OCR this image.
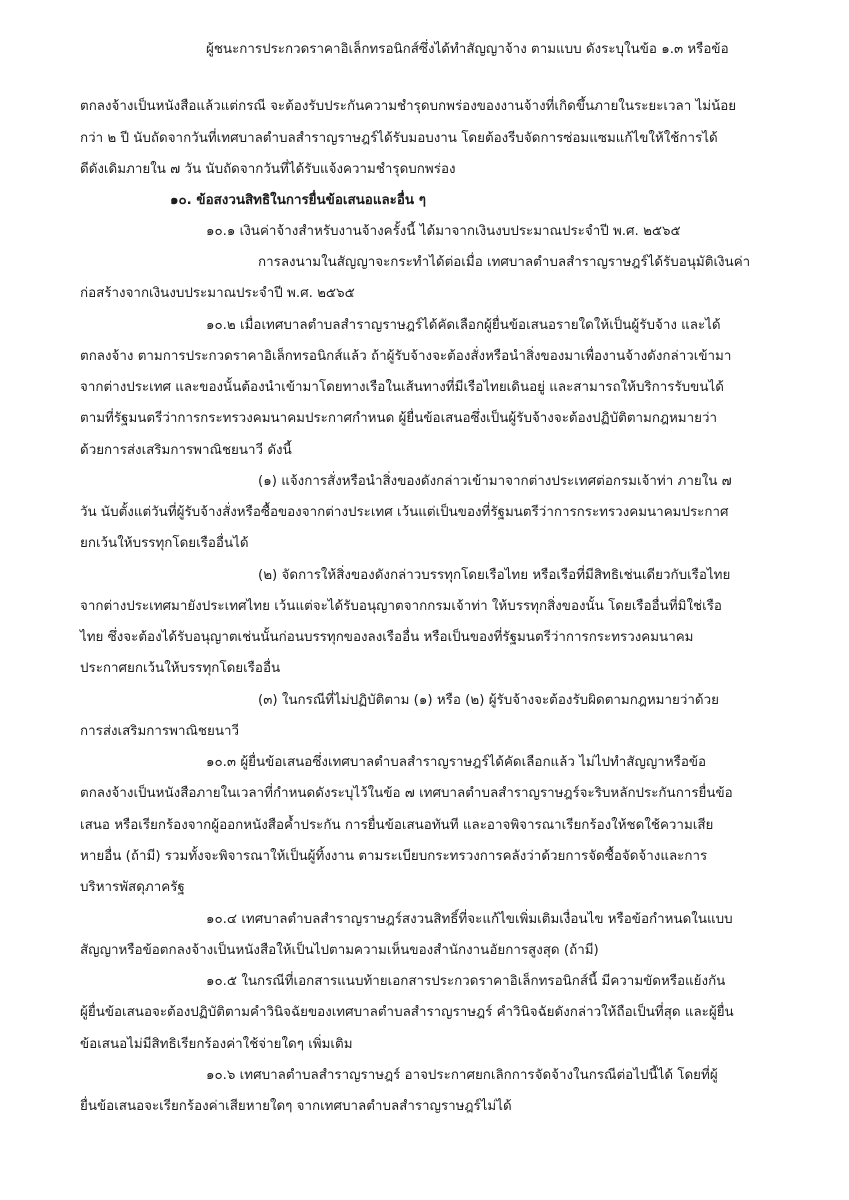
ผู้ชนะการประกวดราคาอิเล็กทรอนิกส์ซึ่งได้ทำสัญญาจ้าง ตามแบบ ดังระบุในข้อ ๑.๓ หรือข้อ

ตกลงจ้างเป็นหนังสือแล้วแต่กรณี จะต้องรับประกันความชำรุดบกพร่องของงานจ้างที่เกิดขึ้นภายในระยะเวลา ไม่น้อย

กว่า ๒ ปี นับถัดจากวันที่เทศบาลตำบลสำราญราษฎร์ได้รับมอบงาน โดยต้องรีบจัดการซ่อมแซมแก้ไขให้ใช้การได้

ดีดังเดิมภายใน ๗ วัน นับถัดจากวันที่ได้รับแจ้งความชำรุดบกพร่อง

๑๐. ข้อสงวนสิทธิในการยื่นข้อเสนอและอื่น ๆ

๑๐.๑ เงินค่าจ้างสำหรับงานจ้างครั้งนี้ ได้มาจากเงินงบประมาณประจำปี พ.ศ. ๒๕๖๕

การลงนามในสัญญาจะกระทำได้ต่อเมื่อ เทศบาลตำบลสำราญราษฎร์ได้รับอนุมัติเงินค่า

ก่อสร้างจากเงินงบประมาณประจำปี พ.ศ. ๒๕๖๕

๑๐.๒ เมื่อเทศบาลตำบลสำราญราษฎร์ได้คัดเลือกผู้ยื่นข้อเสนอรายใดให้เป็นผู้รับจ้าง และได้

ตกลงจ้าง ตามการประกวดราคาอิเล็กทรอนิกส์แล้ว ถ้าผู้รับจ้างจะต้องสั่งหรือนำสิ่งของมาเพื่องานจ้างดังกล่าวเข้ามา

จากต่างประเทศ และของนั้นต้องนำเข้ามาโดยทางเรือในเส้นทางที่มีเรือไทยเดินอยู่ และสามารถให้บริการรับขนได้

ตามที่รัฐมนตรีว่าการกระทรวงคมนาคมประกาศกำหนด ผู้ยื่นข้อเสนอซึ่งเป็นผู้รับจ้างจะต้องปฏิบัติตามกฎหมายว่า

ด้วยการส่งเสริมการพาณิชยนาวี ดังนี้

(๑) แจ้งการสั่งหรือนำสิ่งของดังกล่าวเข้ามาจากต่างประเทศต่อกรมเจ้าท่า ภายใน ๗

วัน นับตั้งแต่วันที่ผู้รับจ้างสั่งหรือซื้อของจากต่างประเทศ เว้นแต่เป็นของที่รัฐมนตรีว่าการกระทรวงคมนาคมประกาศ

ยกเว้นให้บรรทุกโดยเรืออื่นได้

(๒) จัดการให้สิ่งของดังกล่าวบรรทุกโดยเรือไทย หรือเรือที่มีสิทธิเช่นเดียวกับเรือไทย

จากต่างประเทศมายังประเทศไทย เว้นแต่จะได้รับอนุญาตจากกรมเจ้าท่า ให้บรรทุกสิ่งของนั้น โดยเรืออื่นที่มิใช่เรือ

ไทย ซึ่งจะต้องได้รับอนุญาตเช่นนั้นก่อนบรรทุกของลงเรืออื่น หรือเป็นของที่รัฐมนตรีว่าการกระทรวงคมนาคม

ประกาศยกเว้นให้บรรทุกโดยเรืออื่น

(๓) ในกรณีที่ไม่ปฏิบัติตาม (๑) หรือ (๒) ผู้รับจ้างจะต้องรับผิดตามกฎหมายว่าด้วย

การส่งเสริมการพาณิชยนาวี

๑๐.๓ ผู้ยื่นข้อเสนอซึ่งเทศบาลตำบลสำราญราษฎร์ได้คัดเลือกแล้ว ไม่ไปทำสัญญาหรือข้อ

ตกลงจ้างเป็นหนังสือภายในเวลาที่กำหนดดังระบุไว้ในข้อ ๗ เทศบาลตำบลสำราญราษฎร์จะริบหลักประกันการยื่นข้อ

เสนอ หรือเรียกร้องจากผู้ออกหนังสือค้ำประกัน การยื่นข้อเสนอทันที และอาจพิจารณาเรียกร้องให้ชดใช้ความเสีย

หายอื่น (ถ้ามี) รวมทั้งจะพิจารณาให้เป็นผู้ทิ้งงาน ตามระเบียบกระทรวงการคลังว่าด้วยการจัดซื้อจัดจ้างและการ

บริหารพัสดุภาครัฐ

๑๐.๔ เทศบาลตำบลสำราญราษฎร์สงวนสิทธิ์ที่จะแก้ไขเพิ่มเติมเงื่อนไข หรือข้อกำหนดในแบบ

สัญญาหรือข้อตกลงจ้างเป็นหนังสือให้เป็นไปตามความเห็นของสำนักงานอัยการสูงสุด (ถ้ามี)

๑๐.๕ ในกรณีที่เอกสารแนบท้ายเอกสารประกวดราคาอิเล็กทรอนิกส์นี้ มีความขัดหรือแย้งกัน

ผู้ยื่นข้อเสนอจะต้องปฏิบัติตามคำวินิจฉัยของเทศบาลตำบลสำราญราษฎร์ คำวินิจฉัยดังกล่าวให้ถือเป็นที่สุด และผู้ยื่น

ข้อเสนอไม่มีสิทธิเรียกร้องค่าใช้จ่ายใดๆ เพิ่มเติม

๑๐.๖ เทศบาลตำบลสำราญราษฎร์ อาจประกาศยกเลิกการจัดจ้างในกรณีต่อไปนี้ได้ โดยที่ผู้

ยื่นข้อเสนอจะเรียกร้องค่าเสียหายใดๆ จากเทศบาลตำบลสำราญราษฎร์ไม่ได้
